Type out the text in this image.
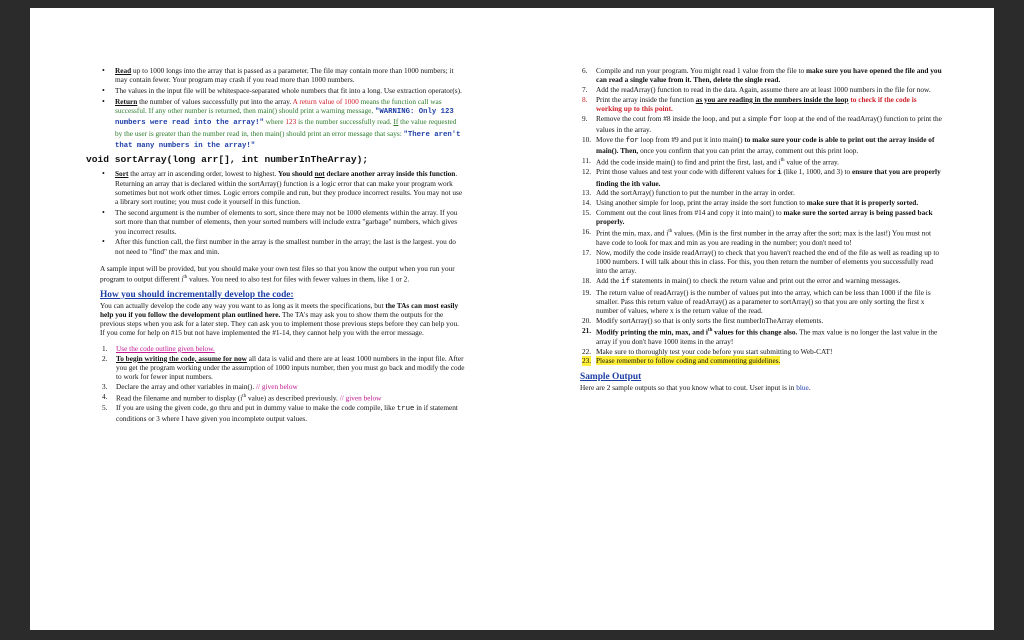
• Read up to 1000 longs into the array that is passed as a parameter. The file may contain more than 1000 numbers; it may contain fewer. Your program may crash if you read more than 1000 numbers.
• The values in the input file will be whitespace-separated whole numbers that fit into a long. Use extraction operator(s).
• Return the number of values successfully put into the array. A return value of 1000 means the function call was successful. If any other number is returned, then main() should print a warning message, "WARNING: Only 123 numbers were read into the array!" where 123 is the number successfully read. If the value requested by the user is greater than the number read in, then main() should print an error message that says: "There aren't that many numbers in the array!"
void sortArray(long arr[], int numberInTheArray);
• Sort the array arr in ascending order, lowest to highest. You should not declare another array inside this function. Returning an array that is declared within the sortArray() function is a logic error that can make your program work sometimes but not work other times. Logic errors compile and run, but they produce incorrect results. You may not use a library sort routine; you must code it yourself in this function.
• The second argument is the number of elements to sort, since there may not be 1000 elements within the array. If you sort more than that number of elements, then your sorted numbers will include extra "garbage" numbers, which gives you incorrect results.
• After this function call, the first number in the array is the smallest number in the array; the last is the largest. you do not need to "find" the max and min.

A sample input will be provided, but you should make your own test files so that you know the output when you run your program to output different $i^{th}$ values. You need to also test for files with fewer values in them, like 1 or 2.

How you should incrementally develop the code:

You can actually develop the code any way you want to as long as it meets the specifications, but the TAs can most easily help you if you follow the development plan outlined here. The TA's may ask you to show them the outputs for the previous steps when you ask for a later step. They can ask you to implement those previous steps before they can help you. If you come for help on #15 but not have implemented the #1-14, they cannot help you with the error message.

1. Use the code outline given below.
2. To begin writing the code, assume for now all data is valid and there are at least 1000 numbers in the input file. After you get the program working under the assumption of 1000 inputs number, then you must go back and modify the code to work for fewer input numbers.
3. Declare the array and other variables in main(). // given below
4. Read the filename and number to display ($i^{th}$ value) as described previously. // given below
5. If you are using the given code, go thru and put in dummy value to make the code compile, like true in if statement conditions or 3 where I have given you incomplete output values.
6. Compile and run your program. You might read 1 value from the file to make sure you have opened the file and you can read a single value from it. Then, delete the single read.
7. Add the readArray() function to read in the data. Again, assume there are at least 1000 numbers in the file for now.
8. Print the array inside the function as you are reading in the numbers inside the loop to check if the code is working up to this point.
9. Remove the cout from #8 inside the loop, and put a simple for loop at the end of the readArray() function to print the values in the array.
10. Move the for loop from #9 and put it into main() to make sure your code is able to print out the array inside of main(). Then, once you confirm that you can print the array, comment out this print loop.
11. Add the code inside main() to find and print the first, last, and $i^{th}$ value of the array.
12. Print those values and test your code with different values for i (like 1, 1000, and 3) to ensure that you are properly finding the ith value.
13. Add the sortArray() function to put the number in the array in order.
14. Using another simple for loop, print the array inside the sort function to make sure that it is properly sorted.
15. Comment out the cout lines from #14 and copy it into main() to make sure the sorted array is being passed back properly.
16. Print the min, max, and $i^{th}$ values. (Min is the first number in the array after the sort; max is the last!) You must not have code to look for max and min as you are reading in the number; you don't need to!
17. Now, modify the code inside readArray() to check that you haven't reached the end of the file as well as reading up to 1000 numbers. I will talk about this in class. For this, you then return the number of elements you successfully read into the array.
18. Add the if statements in main() to check the return value and print out the error and warning messages.
19. The return value of readArray() is the number of values put into the array, which can be less than 1000 if the file is smaller. Pass this return value of readArray() as a parameter to sortArray() so that you are only sorting the first x number of values, where x is the return value of the read.
20. Modify sortArray() so that is only sorts the first numberInTheArray elements.
21. Modify printing the min, max, and $i^{th}$ values for this change also. The max value is no longer the last value in the array if you don't have 1000 items in the array!
22. Make sure to thoroughly test your code before you start submitting to Web-CAT!
23. Please remember to follow coding and commenting guidelines.
Sample Output

Here are 2 sample outputs so that you know what to cout. User input is in blue.
